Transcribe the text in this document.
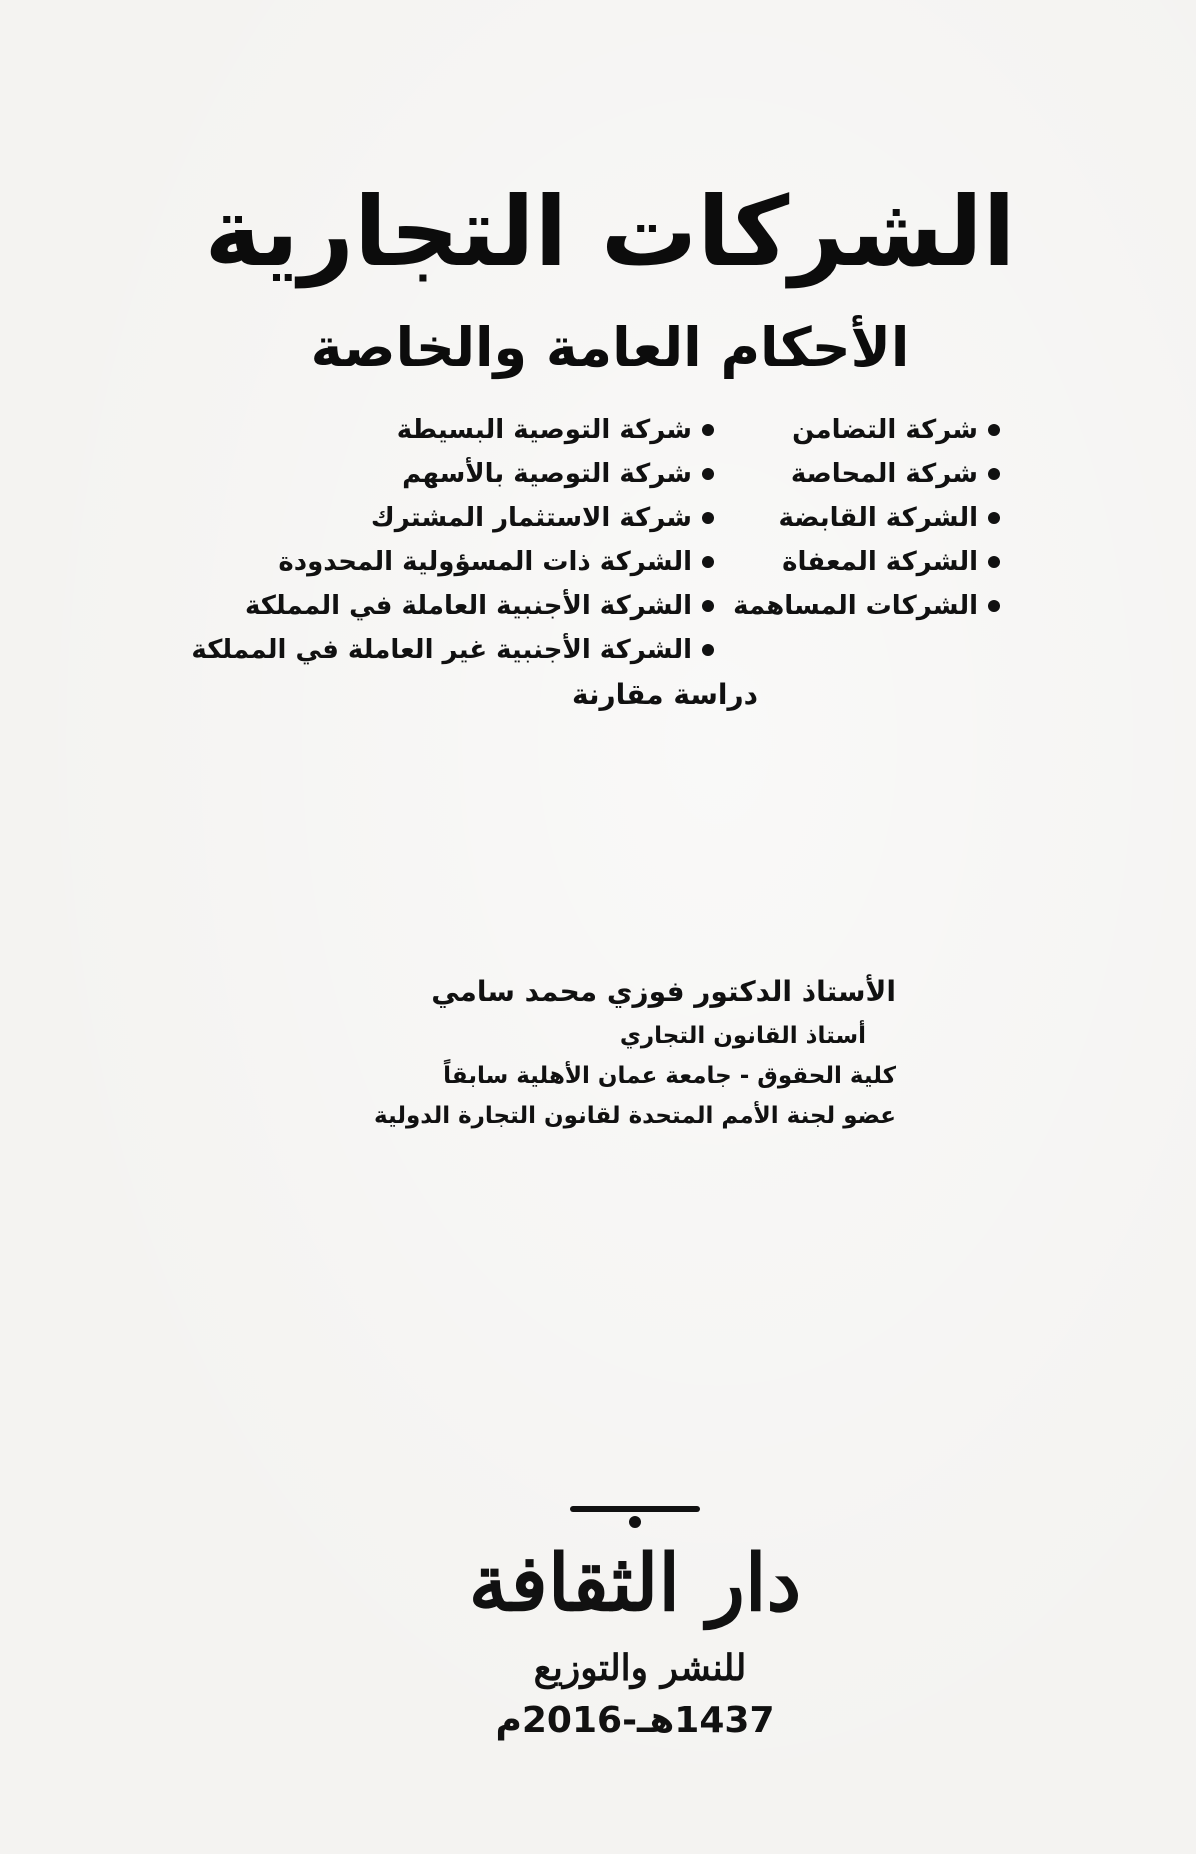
الشركات التجارية
الأحكام العامة والخاصة
شركة التضامن
شركة المحاصة
الشركة القابضة
الشركة المعفاة
الشركات المساهمة
شركة التوصية البسيطة
شركة التوصية بالأسهم
شركة الاستثمار المشترك
الشركة ذات المسؤولية المحدودة
الشركة الأجنبية العاملة في المملكة
الشركة الأجنبية غير العاملة في المملكة
دراسة مقارنة
الأستاذ الدكتور فوزي محمد سامي
أستاذ القانون التجاري
كلية الحقوق - جامعة عمان الأهلية سابقاً
عضو لجنة الأمم المتحدة لقانون التجارة الدولية
دار الثقافة
للنشر والتوزيع
1437هـ-2016م
